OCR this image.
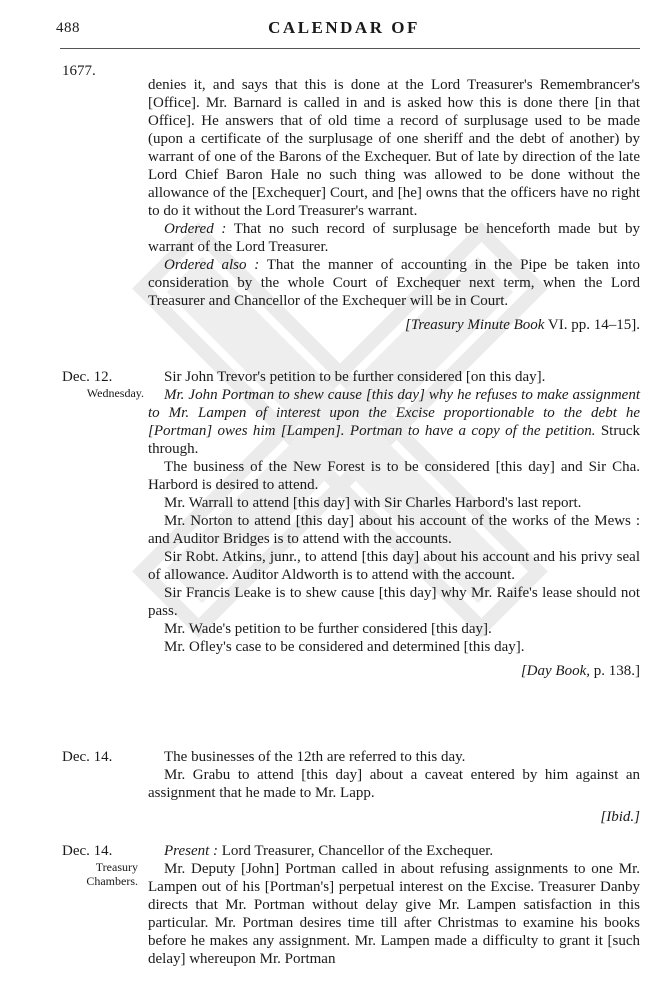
488	CALENDAR OF
1677.

denies it, and says that this is done at the Lord Treasurer's Remembrancer's [Office]. Mr. Barnard is called in and is asked how this is done there [in that Office]. He answers that of old time a record of surplusage used to be made (upon a certificate of the surplusage of one sheriff and the debt of another) by warrant of one of the Barons of the Exchequer. But of late by direction of the late Lord Chief Baron Hale no such thing was allowed to be done without the allowance of the [Exchequer] Court, and [he] owns that the officers have no right to do it without the Lord Treasurer's warrant.

Ordered : That no such record of surplusage be henceforth made but by warrant of the Lord Treasurer.

Ordered also : That the manner of accounting in the Pipe be taken into consideration by the whole Court of Exchequer next term, when the Lord Treasurer and Chancellor of the Exchequer will be in Court.

[Treasury Minute Book VI. pp. 14–15].

Dec. 12.
Wednesday.

Sir John Trevor's petition to be further considered [on this day].

Mr. John Portman to shew cause [this day] why he refuses to make assignment to Mr. Lampen of interest upon the Excise proportionable to the debt he [Portman] owes him [Lampen]. Portman to have a copy of the petition. Struck through.

The business of the New Forest is to be considered [this day] and Sir Cha. Harbord is desired to attend.

Mr. Warrall to attend [this day] with Sir Charles Harbord's last report.

Mr. Norton to attend [this day] about his account of the works of the Mews : and Auditor Bridges is to attend with the accounts.

Sir Robt. Atkins, junr., to attend [this day] about his account and his privy seal of allowance. Auditor Aldworth is to attend with the account.

Sir Francis Leake is to shew cause [this day] why Mr. Raife's lease should not pass.

Mr. Wade's petition to be further considered [this day].

Mr. Ofley's case to be considered and determined [this day].

[Day Book, p. 138.]

Dec. 14.	The businesses of the 12th are referred to this day.

Mr. Grabu to attend [this day] about a caveat entered by him against an assignment that he made to Mr. Lapp.

[Ibid.]

Dec. 14.
Treasury Chambers.

Present : Lord Treasurer, Chancellor of the Exchequer.

Mr. Deputy [John] Portman called in about refusing assignments to one Mr. Lampen out of his [Portman's] perpetual interest on the Excise. Treasurer Danby directs that Mr. Portman without delay give Mr. Lampen satisfaction in this particular. Mr. Portman desires time till after Christmas to examine his books before he makes any assignment. Mr. Lampen made a difficulty to grant it [such delay] whereupon Mr. Portman
